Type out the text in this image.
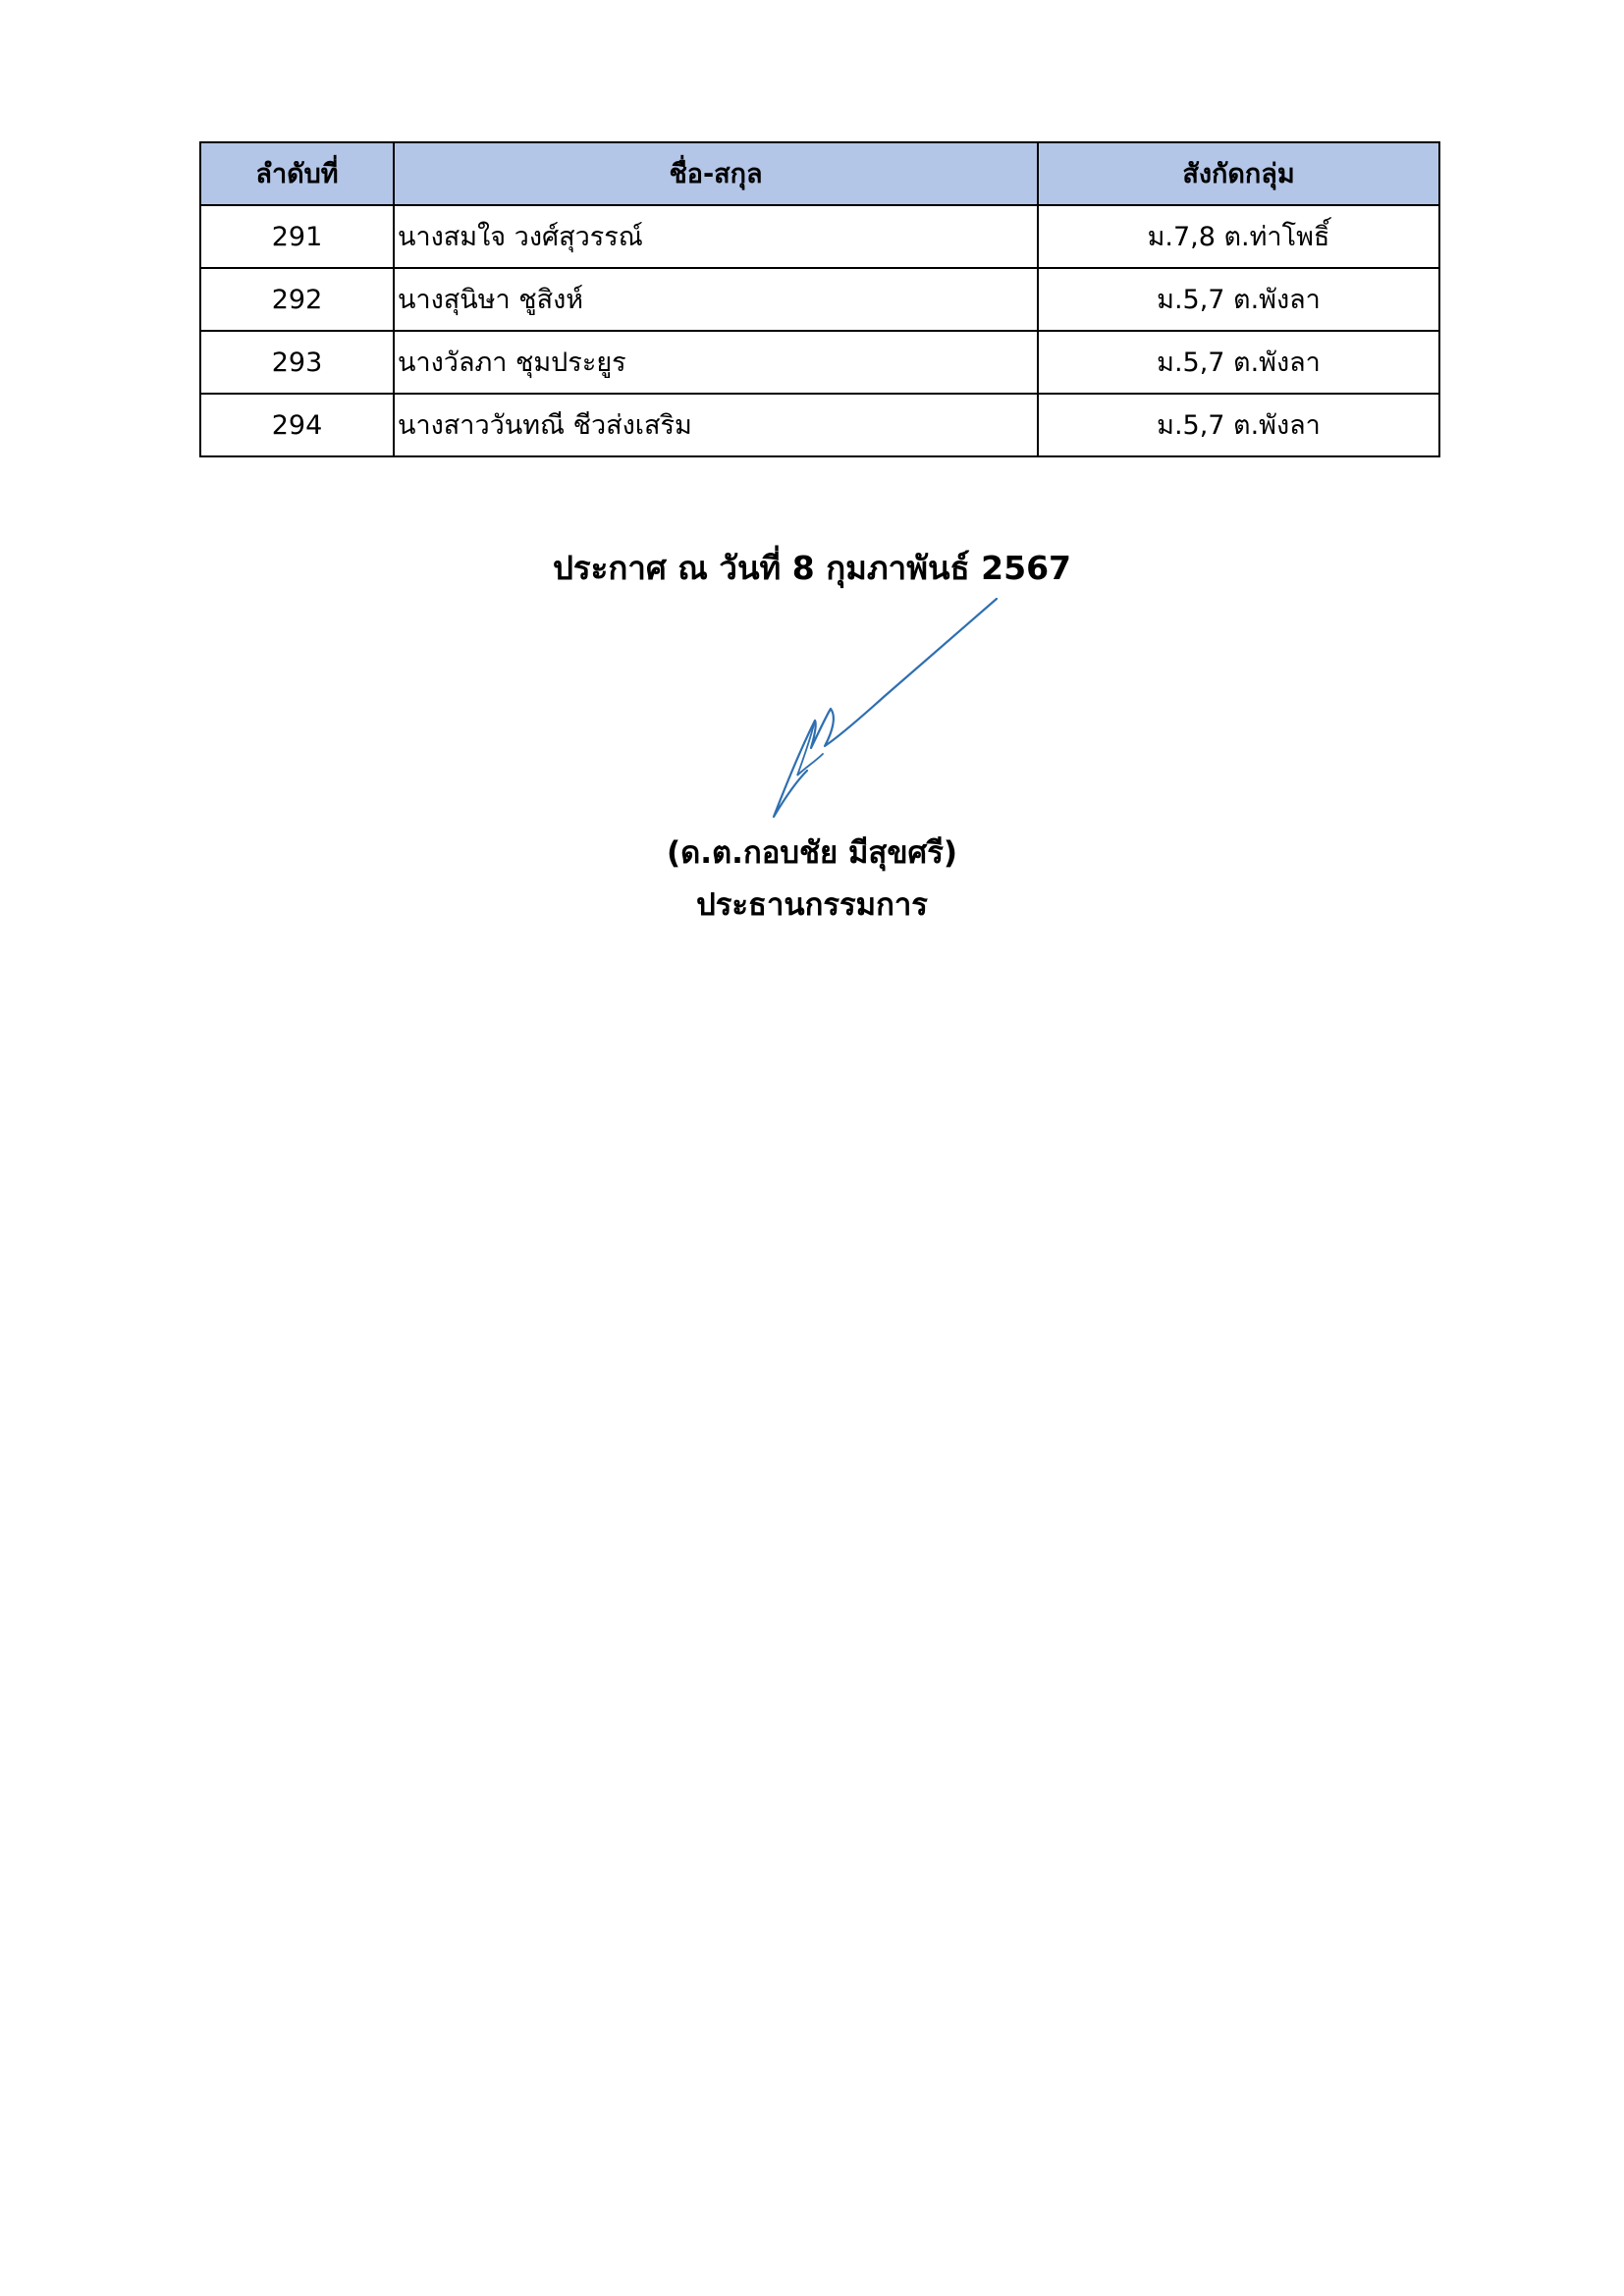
ลำดับที่	ชื่อ-สกุล	สังกัดกลุ่ม
291	นางสมใจ วงศ์สุวรรณ์	ม.7,8 ต.ท่าโพธิ์
292	นางสุนิษา ชูสิงห์	ม.5,7 ต.พังลา
293	นางวัลภา ชุมประยูร	ม.5,7 ต.พังลา
294	นางสาววันทณี ชีวส่งเสริม	ม.5,7 ต.พังลา
ประกาศ ณ วันที่ 8 กุมภาพันธ์ 2567
(ด.ต.กอบชัย มีสุขศรี)
ประธานกรรมการ
